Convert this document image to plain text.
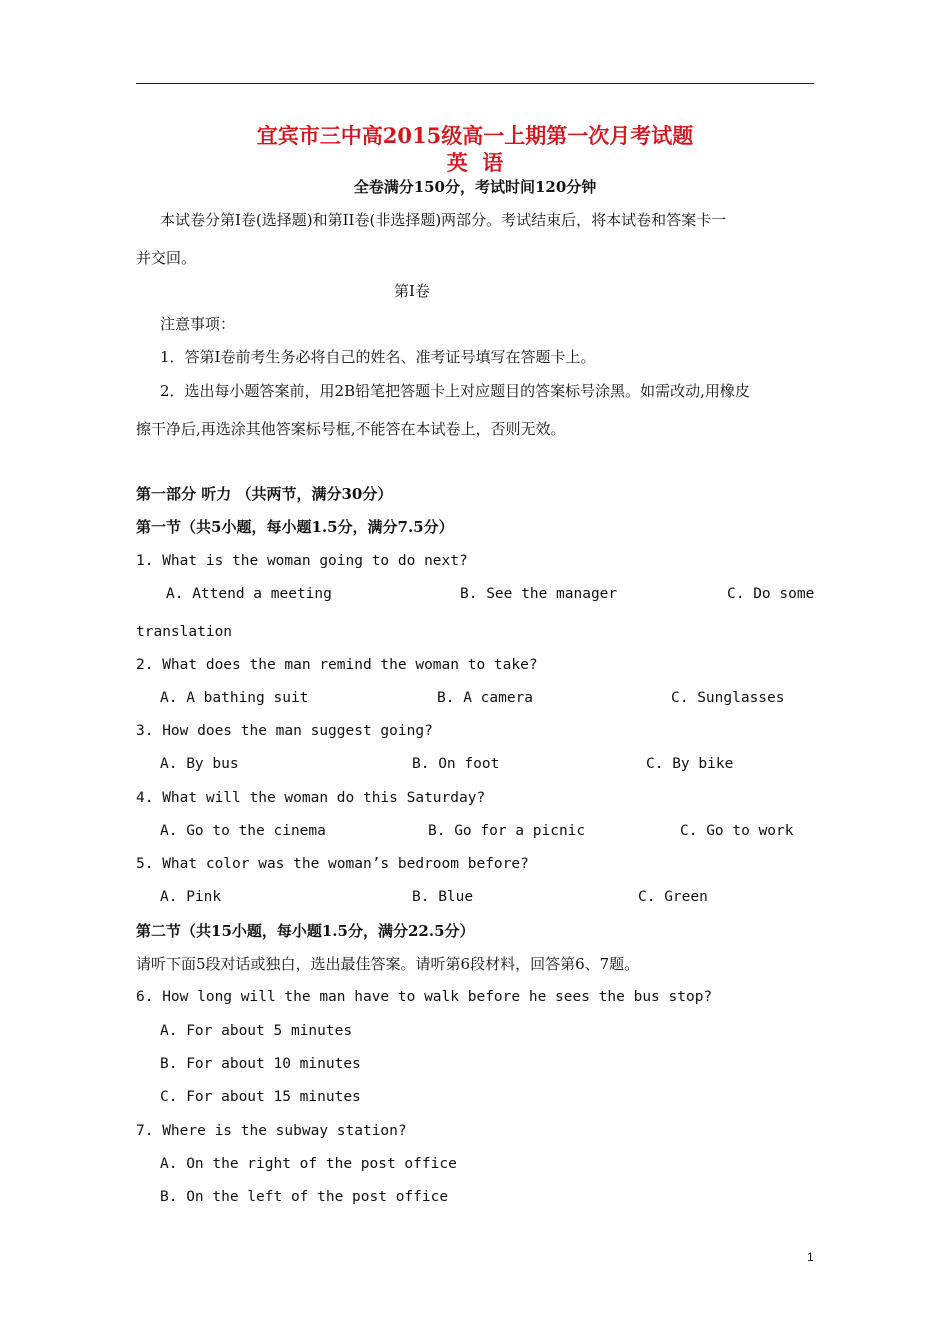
宜宾市三中高2015级高一上期第一次月考试题
英  语
全卷满分150分，考试时间120分钟
本试卷分第I卷(选择题)和第II卷(非选择题)两部分。考试结束后，将本试卷和答案卡一
并交回。
第I卷
注意事项：
1．答第I卷前考生务必将自己的姓名、准考证号填写在答题卡上。
2．选出每小题答案前，用2B铅笔把答题卡上对应题目的答案标号涂黑。如需改动,用橡皮
擦干净后,再选涂其他答案标号框,不能答在本试卷上，否则无效。
第一部分 听力 （共两节，满分30分）
第一节（共5小题，每小题1.5分，满分7.5分）
1. What is the woman going to do next?
A. Attend a meeting	B. See the manager	C. Do some
translation
2. What does the man remind the woman to take?
A. A bathing suit	B. A camera	C. Sunglasses
3. How does the man suggest going?
A. By bus	B. On foot	C. By bike
4. What will the woman do this Saturday?
A. Go to the cinema	B. Go for a picnic	C. Go to work
5. What color was the woman’s bedroom before?
A. Pink	B. Blue	C. Green
第二节（共15小题，每小题1.5分，满分22.5分）
请听下面5段对话或独白，选出最佳答案。请听第6段材料，回答第6、7题。
6. How long will the man have to walk before he sees the bus stop?
A. For about 5 minutes
B. For about 10 minutes
C. For about 15 minutes
7. Where is the subway station?
A. On the right of the post office
B. On the left of the post office
1
